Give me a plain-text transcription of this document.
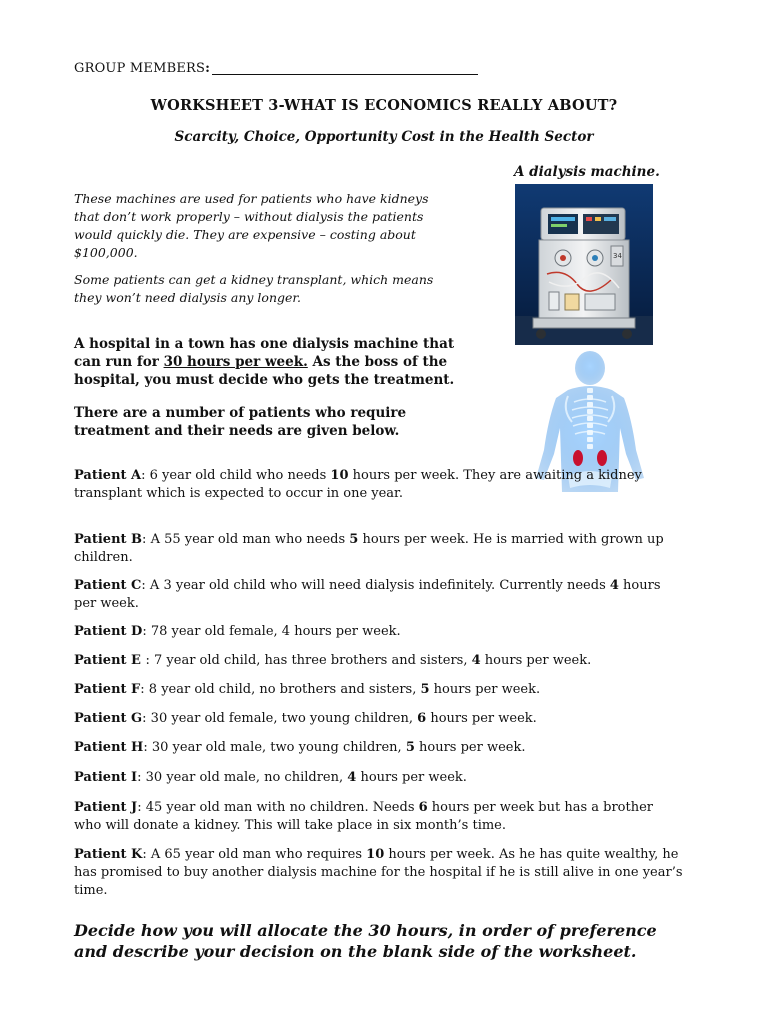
GROUP MEMBERS:
WORKSHEET 3-WHAT IS ECONOMICS REALLY ABOUT?
Scarcity, Choice, Opportunity Cost in the Health Sector
A dialysis machine.
These machines are used for patients who have kidneys that don’t work properly – without dialysis the patients would quickly die. They are expensive – costing about $100,000.
Some patients can get a kidney transplant, which means they won’t need dialysis any longer.
A hospital in a town has one dialysis machine that can run for 30 hours per week. As the boss of the hospital, you must decide who gets the treatment.
There are a number of patients who require treatment and their needs are given below.
34
Patient A: 6 year old child who needs 10 hours per week. They are awaiting a kidney transplant which is expected to occur in one year.
Patient B: A 55 year old man who needs 5 hours per week. He is married with grown up children.
Patient C: A 3 year old child who will need dialysis indefinitely. Currently needs 4 hours per week.
Patient D: 78 year old female, 4 hours per week.
Patient E : 7 year old child, has three brothers and sisters, 4 hours per week.
Patient F: 8 year old child, no brothers and sisters, 5 hours per week.
Patient G: 30 year old female, two young children, 6 hours per week.
Patient H: 30 year old male, two young children, 5 hours per week.
Patient I: 30 year old male, no children, 4 hours per week.
Patient J: 45 year old man with no children. Needs 6 hours per week but has a brother who will donate a kidney. This will take place in six month’s time.
Patient K: A 65 year old man who requires 10 hours per week. As he has quite wealthy, he has promised to buy another dialysis machine for the hospital if he is still alive in one year’s time.
Decide how you will allocate the 30 hours, in order of preference and describe your decision on the blank side of the worksheet.
